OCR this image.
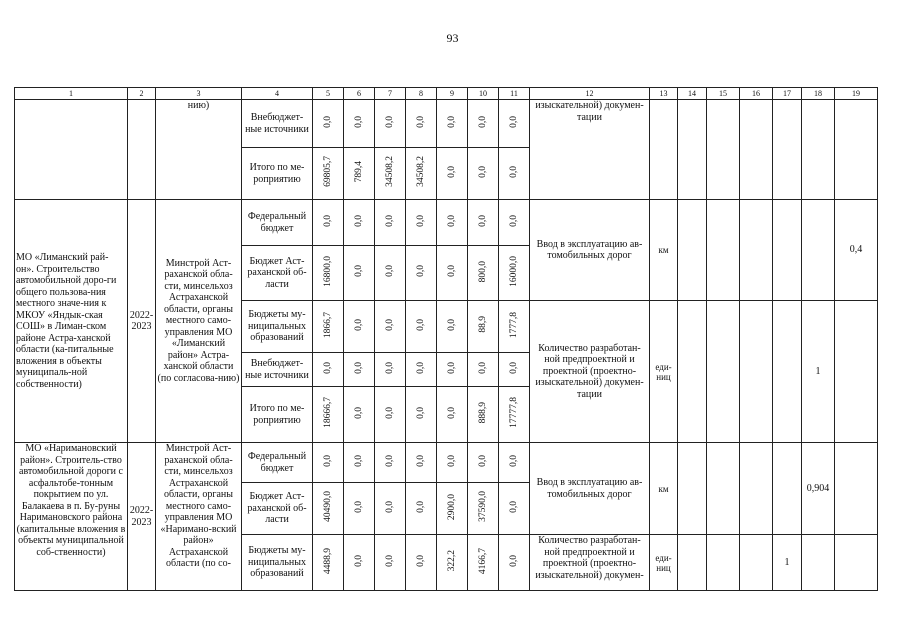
93
1	2	3	4	5	6	7	8	9	10	11	12	13	14	15	16	17	18	19
		нию)	Внебюджет-ные источники	0,0	0,0	0,0	0,0	0,0	0,0	0,0	изыскательной) докумен-тации							
			Итого по ме-роприятию	69805,7	789,4	34508,2	34508,2	0,0	0,0	0,0								
МО «Лиманский рай-он». Строительство автомобильной доро-ги общего пользова-ния местного значе-ния к МКОУ «Яндык-ская СОШ» в Лиман-ском районе Астра-ханской области (ка-питальные вложения в объекты муниципаль-ной собственности)	2022-2023	Минстрой Аст-раханской обла-сти, минсельхоз Астраханской области, органы местного само-управления МО «Лиманский район» Астра-ханской области (по согласова-нию)	Федеральный бюджет	0,0	0,0	0,0	0,0	0,0	0,0	0,0	Ввод в эксплуатацию ав-томобильных дорог	км						0,4
			Бюджет Аст-раханской об-ласти	16800,0	0,0	0,0	0,0	0,0	800,0	16000,0								
			Бюджеты му-ниципальных образований	1866,7	0,0	0,0	0,0	0,0	88,9	1777,8	Количество разработан-ной предпроектной и проектной (проектно-изыскательной) докумен-тации	еди-ниц					1	
			Внебюджет-ные источники	0,0	0,0	0,0	0,0	0,0	0,0	0,0								
			Итого по ме-роприятию	18666,7	0,0	0,0	0,0	0,0	888,9	17777,8								
МО «Наримановский район». Строитель-ство автомобильной дороги с асфальтобе-тонным покрытием по ул. Балакаева в п. Бу-руны Наримановского района (капитальные вложения в объекты муниципальной соб-ственности)	2022-2023	Минстрой Аст-раханской обла-сти, минсельхоз Астраханской области, органы местного само-управления МО «Наримано-вский район» Астраханской области (по со-	Федеральный бюджет	0,0	0,0	0,0	0,0	0,0	0,0	0,0	Ввод в эксплуатацию ав-томобильных дорог	км					0,904	
			Бюджет Аст-раханской об-ласти	40490,0	0,0	0,0	0,0	2900,0	37590,0	0,0								
			Бюджеты му-ниципальных образований	4488,9	0,0	0,0	0,0	322,2	4166,7	0,0	Количество разработан-ной предпроектной и проектной (проектно-изыскательной) докумен-	еди-ниц				1		
